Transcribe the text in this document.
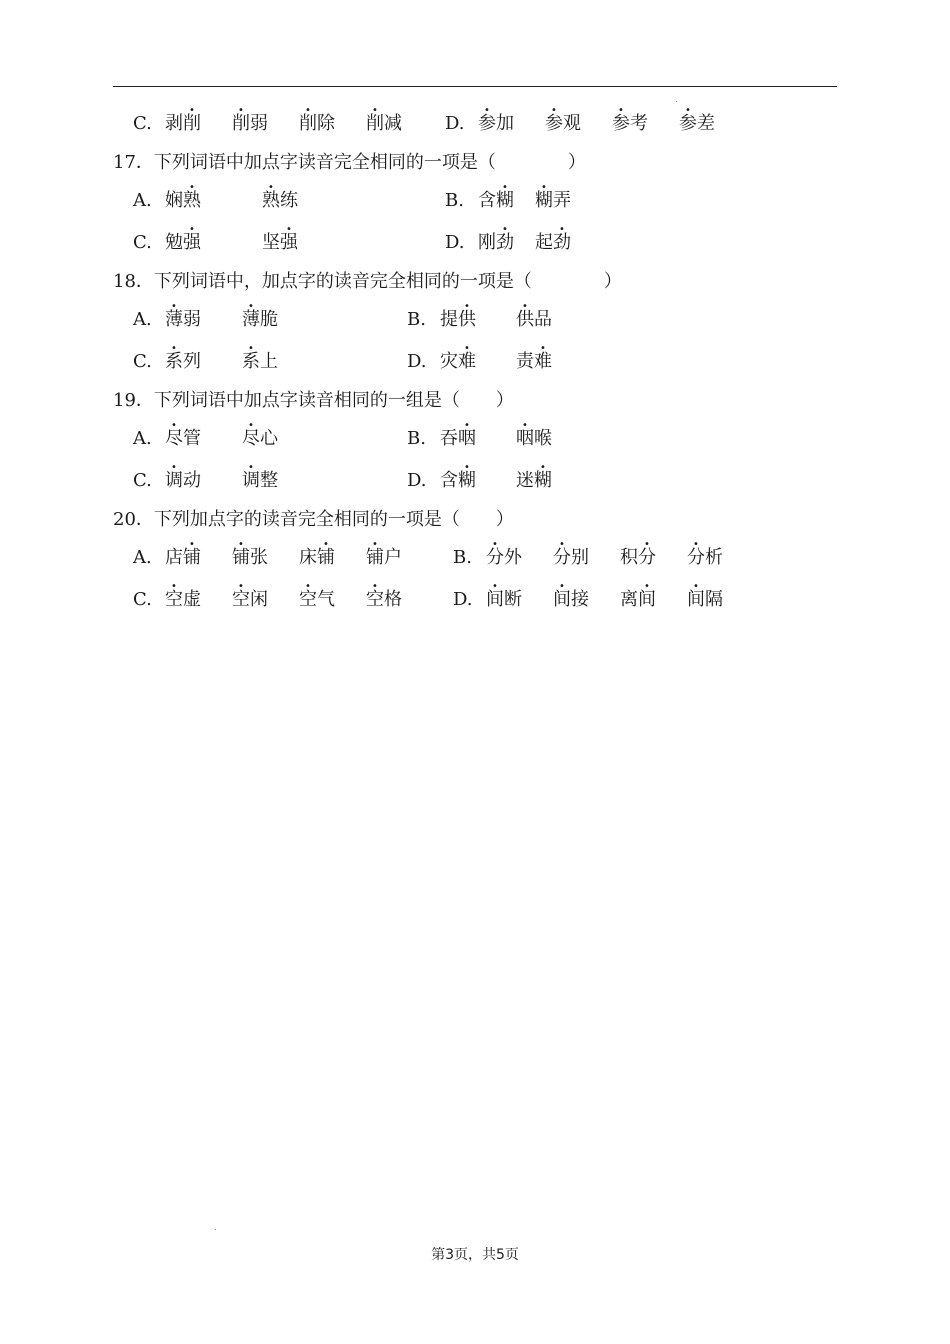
C. 剥削
•
削弱
•
削除
•
削减
•
D. 参加
•
参观
•
参考
•
参差
•
17．下列词语中加点字读音完全相同的一项是（　　　　）
A. 娴熟
•
熟练
•
B. 含糊
•
糊弄
•
C. 勉强
•
坚强
•
D. 刚劲
•
起劲
•
18．下列词语中，加点字的读音完全相同的一项是（　　　　）
A. 薄弱
•
薄脆
•
B. 提供
•
供品
•
C. 系列
•
系上
•
D. 灾难
•
责难
•
19．下列词语中加点字读音相同的一组是（　　）
A. 尽管
•
尽心
•
B. 吞咽
•
咽喉
•
C. 调动
•
调整
•
D. 含糊
•
迷糊
•
20．下列加点字的读音完全相同的一项是（　　）
A. 店铺
•
铺张
•
床铺
•
铺户
•
B. 分外
•
分别
•
积分
•
分析
•
C. 空虚
•
空闲
•
空气
•
空格
•
D. 间断
•
间接
•
离间
•
间隔
•
第3页，共5页
